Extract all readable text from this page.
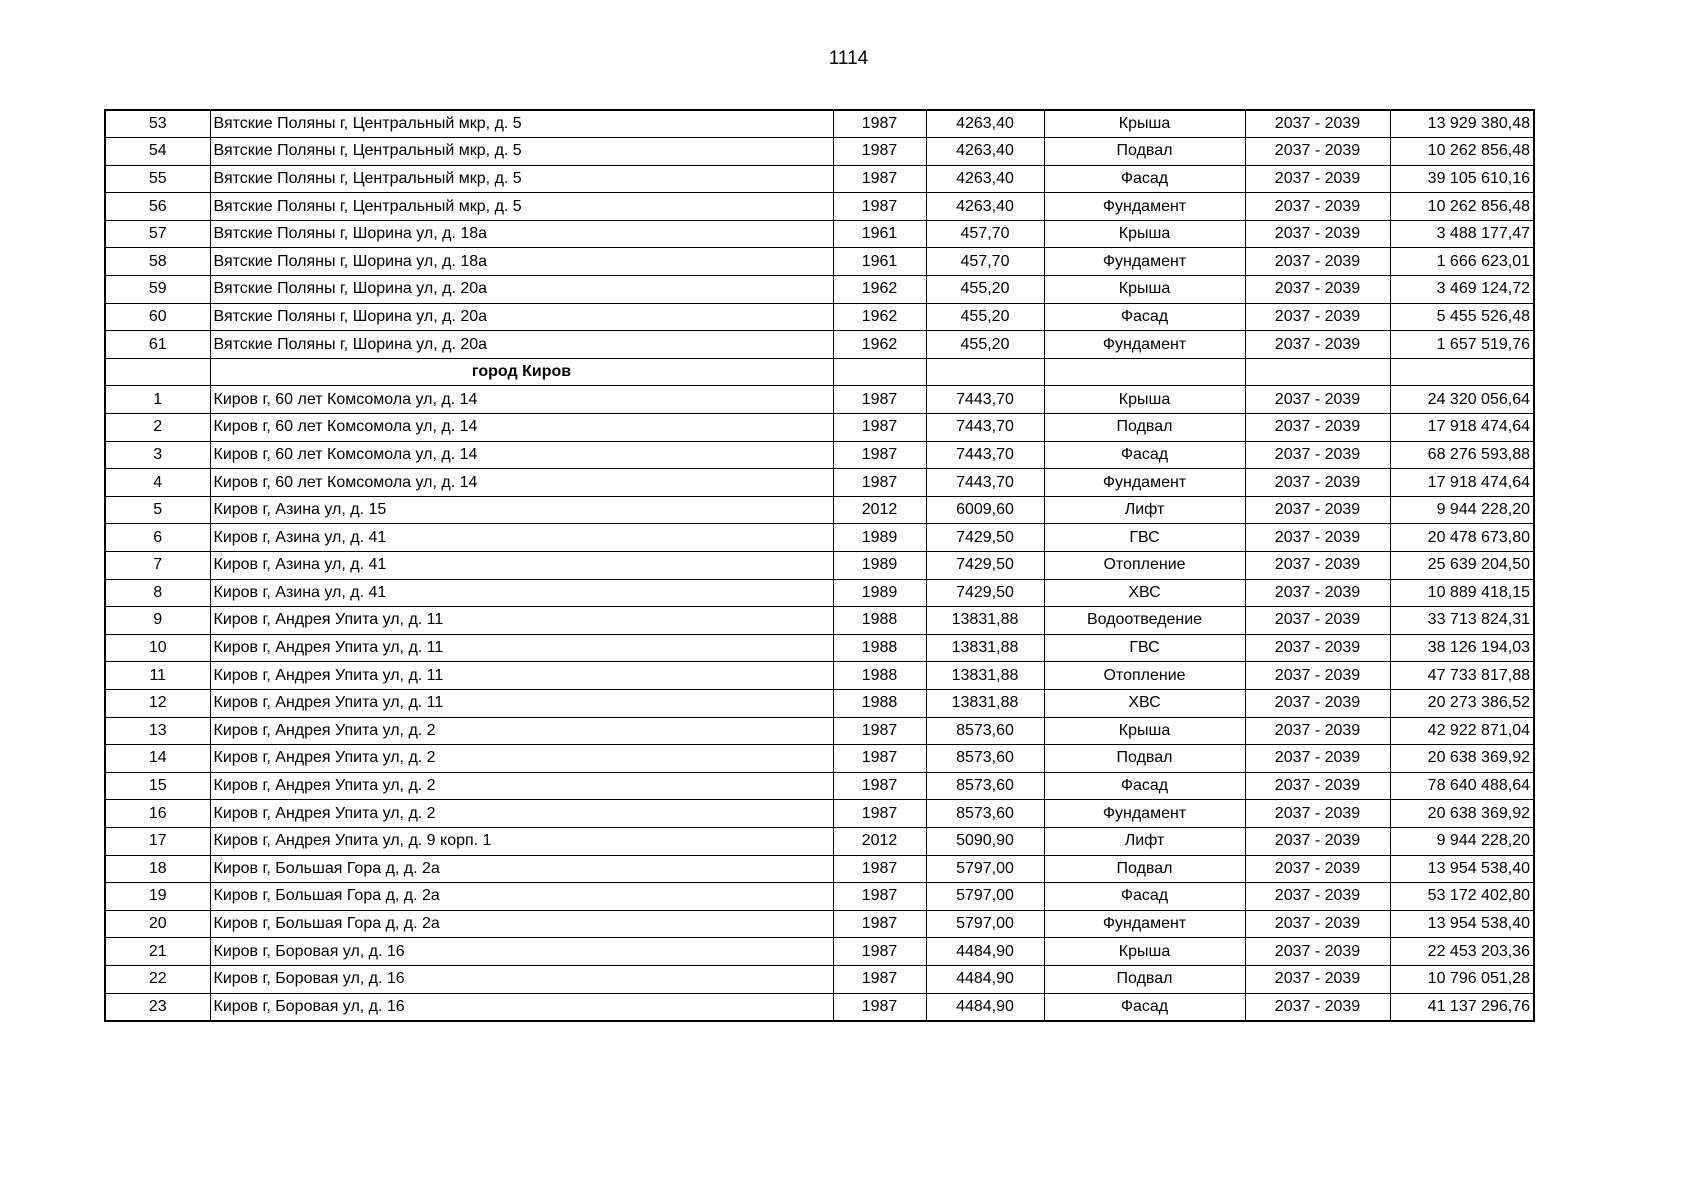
1114
53	Вятские Поляны г, Центральный мкр, д. 5	1987	4263,40	Крыша	2037 - 2039	13 929 380,48
54	Вятские Поляны г, Центральный мкр, д. 5	1987	4263,40	Подвал	2037 - 2039	10 262 856,48
55	Вятские Поляны г, Центральный мкр, д. 5	1987	4263,40	Фасад	2037 - 2039	39 105 610,16
56	Вятские Поляны г, Центральный мкр, д. 5	1987	4263,40	Фундамент	2037 - 2039	10 262 856,48
57	Вятские Поляны г, Шорина ул, д. 18а	1961	457,70	Крыша	2037 - 2039	3 488 177,47
58	Вятские Поляны г, Шорина ул, д. 18а	1961	457,70	Фундамент	2037 - 2039	1 666 623,01
59	Вятские Поляны г, Шорина ул, д. 20а	1962	455,20	Крыша	2037 - 2039	3 469 124,72
60	Вятские Поляны г, Шорина ул, д. 20а	1962	455,20	Фасад	2037 - 2039	5 455 526,48
61	Вятские Поляны г, Шорина ул, д. 20а	1962	455,20	Фундамент	2037 - 2039	1 657 519,76
	город Киров					
1	Киров г, 60 лет Комсомола ул, д. 14	1987	7443,70	Крыша	2037 - 2039	24 320 056,64
2	Киров г, 60 лет Комсомола ул, д. 14	1987	7443,70	Подвал	2037 - 2039	17 918 474,64
3	Киров г, 60 лет Комсомола ул, д. 14	1987	7443,70	Фасад	2037 - 2039	68 276 593,88
4	Киров г, 60 лет Комсомола ул, д. 14	1987	7443,70	Фундамент	2037 - 2039	17 918 474,64
5	Киров г, Азина ул, д. 15	2012	6009,60	Лифт	2037 - 2039	9 944 228,20
6	Киров г, Азина ул, д. 41	1989	7429,50	ГВС	2037 - 2039	20 478 673,80
7	Киров г, Азина ул, д. 41	1989	7429,50	Отопление	2037 - 2039	25 639 204,50
8	Киров г, Азина ул, д. 41	1989	7429,50	ХВС	2037 - 2039	10 889 418,15
9	Киров г, Андрея Упита ул, д. 11	1988	13831,88	Водоотведение	2037 - 2039	33 713 824,31
10	Киров г, Андрея Упита ул, д. 11	1988	13831,88	ГВС	2037 - 2039	38 126 194,03
11	Киров г, Андрея Упита ул, д. 11	1988	13831,88	Отопление	2037 - 2039	47 733 817,88
12	Киров г, Андрея Упита ул, д. 11	1988	13831,88	ХВС	2037 - 2039	20 273 386,52
13	Киров г, Андрея Упита ул, д. 2	1987	8573,60	Крыша	2037 - 2039	42 922 871,04
14	Киров г, Андрея Упита ул, д. 2	1987	8573,60	Подвал	2037 - 2039	20 638 369,92
15	Киров г, Андрея Упита ул, д. 2	1987	8573,60	Фасад	2037 - 2039	78 640 488,64
16	Киров г, Андрея Упита ул, д. 2	1987	8573,60	Фундамент	2037 - 2039	20 638 369,92
17	Киров г, Андрея Упита ул, д. 9 корп. 1	2012	5090,90	Лифт	2037 - 2039	9 944 228,20
18	Киров г, Большая Гора д, д. 2а	1987	5797,00	Подвал	2037 - 2039	13 954 538,40
19	Киров г, Большая Гора д, д. 2а	1987	5797,00	Фасад	2037 - 2039	53 172 402,80
20	Киров г, Большая Гора д, д. 2а	1987	5797,00	Фундамент	2037 - 2039	13 954 538,40
21	Киров г, Боровая ул, д. 16	1987	4484,90	Крыша	2037 - 2039	22 453 203,36
22	Киров г, Боровая ул, д. 16	1987	4484,90	Подвал	2037 - 2039	10 796 051,28
23	Киров г, Боровая ул, д. 16	1987	4484,90	Фасад	2037 - 2039	41 137 296,76
